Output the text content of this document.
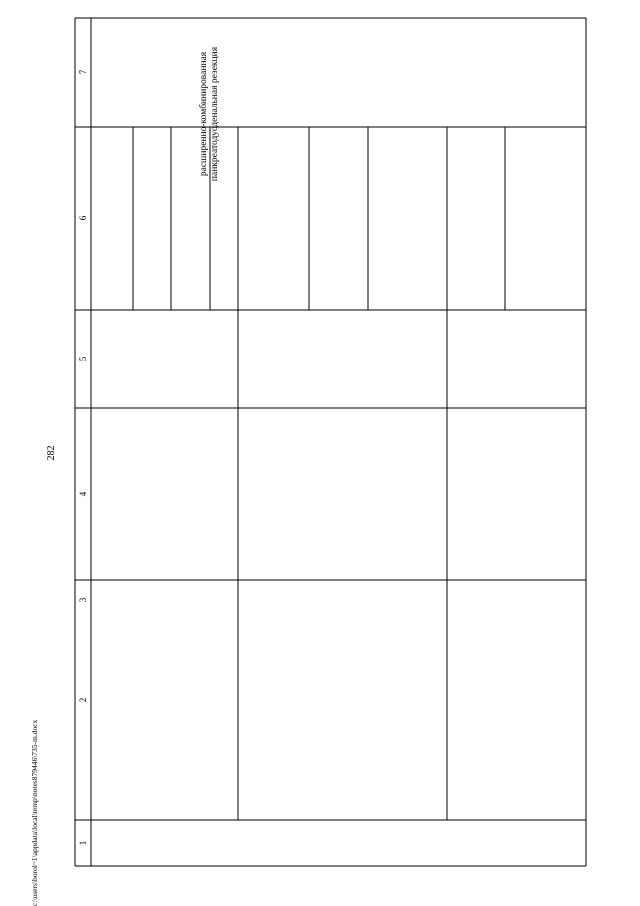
282
c:\users\borol~1\appdata\local\temp\notes879446\735-m.docx	1
2
3
4
5
6
7	расширенно-комбинированная панкреатодуоденальная резекция
